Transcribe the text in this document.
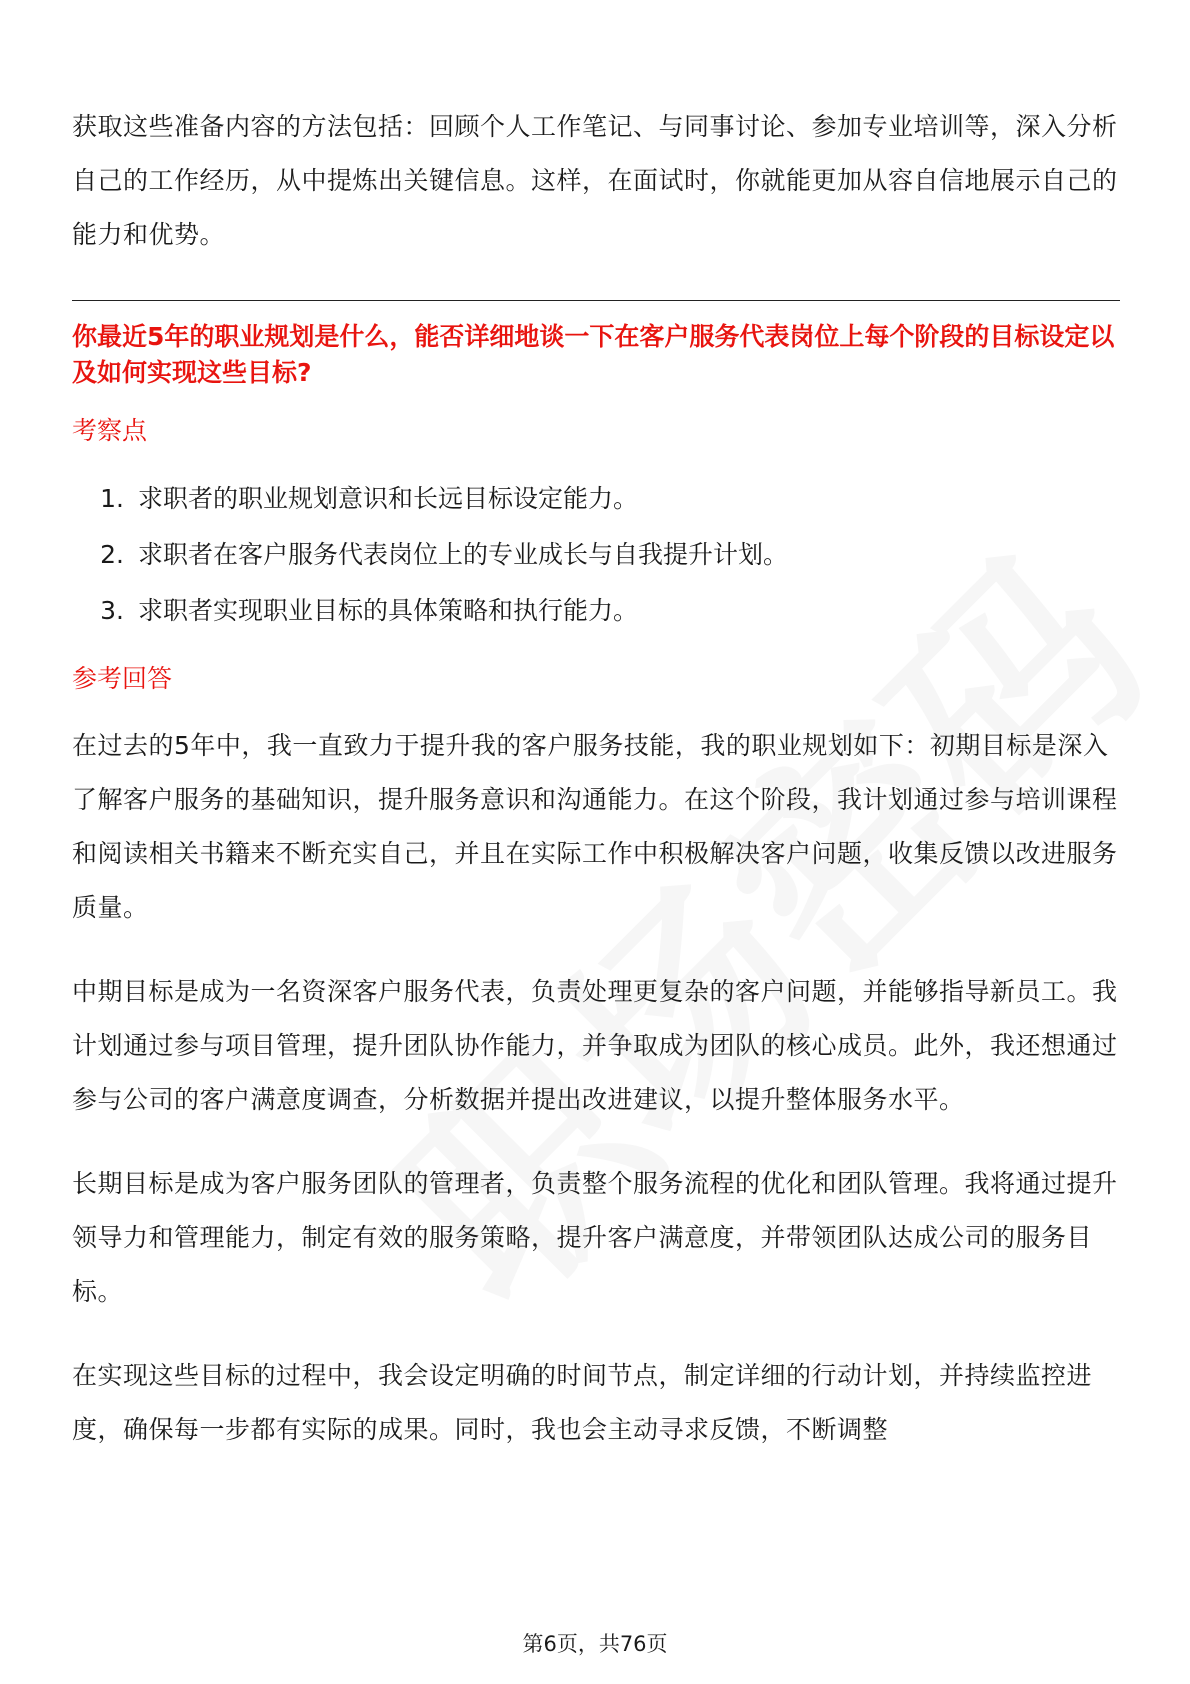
获取这些准备内容的方法包括：回顾个人工作笔记、与同事讨论、参加专业培训等，深入分析自己的工作经历，从中提炼出关键信息。这样，在面试时，你就能更加从容自信地展示自己的能力和优势。

你最近5年的职业规划是什么，能否详细地谈一下在客户服务代表岗位上每个阶段的目标设定以及如何实现这些目标?

考察点

1. 求职者的职业规划意识和长远目标设定能力。
2. 求职者在客户服务代表岗位上的专业成长与自我提升计划。
3. 求职者实现职业目标的具体策略和执行能力。

参考回答

在过去的5年中，我一直致力于提升我的客户服务技能，我的职业规划如下：初期目标是深入了解客户服务的基础知识，提升服务意识和沟通能力。在这个阶段，我计划通过参与培训课程和阅读相关书籍来不断充实自己，并且在实际工作中积极解决客户问题，收集反馈以改进服务质量。

中期目标是成为一名资深客户服务代表，负责处理更复杂的客户问题，并能够指导新员工。我计划通过参与项目管理，提升团队协作能力，并争取成为团队的核心成员。此外，我还想通过参与公司的客户满意度调查，分析数据并提出改进建议，以提升整体服务水平。

长期目标是成为客户服务团队的管理者，负责整个服务流程的优化和团队管理。我将通过提升领导力和管理能力，制定有效的服务策略，提升客户满意度，并带领团队达成公司的服务目标。

在实现这些目标的过程中，我会设定明确的时间节点，制定详细的行动计划，并持续监控进度，确保每一步都有实际的成果。同时，我也会主动寻求反馈，不断调整

第6页，共76页
